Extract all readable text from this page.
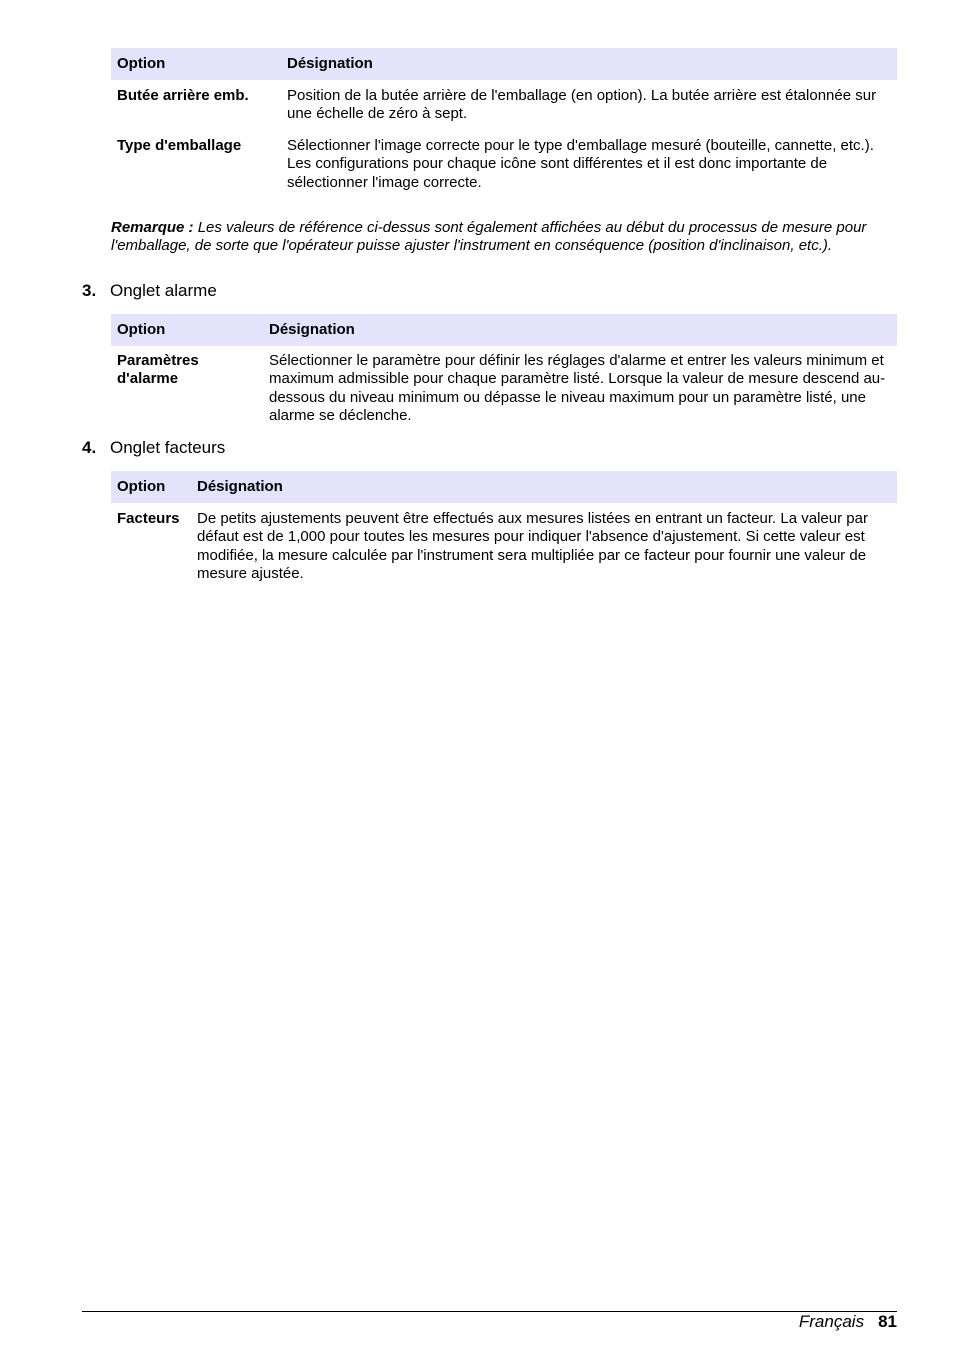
Option	Désignation
Butée arrière emb.	Position de la butée arrière de l'emballage (en option). La butée arrière est étalonnée sur une échelle de zéro à sept.
Type d'emballage	Sélectionner l'image correcte pour le type d'emballage mesuré (bouteille, cannette, etc.). Les configurations pour chaque icône sont différentes et il est donc importante de sélectionner l'image correcte.
Remarque : Les valeurs de référence ci-dessus sont également affichées au début du processus de mesure pour l'emballage, de sorte que l'opérateur puisse ajuster l'instrument en conséquence (position d'inclinaison, etc.).
3. Onglet alarme
Option	Désignation
Paramètres d'alarme	Sélectionner le paramètre pour définir les réglages d'alarme et entrer les valeurs minimum et maximum admissible pour chaque paramètre listé. Lorsque la valeur de mesure descend au-dessous du niveau minimum ou dépasse le niveau maximum pour un paramètre listé, une alarme se déclenche.
4. Onglet facteurs
Option	Désignation
Facteurs	De petits ajustements peuvent être effectués aux mesures listées en entrant un facteur. La valeur par défaut est de 1,000 pour toutes les mesures pour indiquer l'absence d'ajustement. Si cette valeur est modifiée, la mesure calculée par l'instrument sera multipliée par ce facteur pour fournir une valeur de mesure ajustée.
Français 81
